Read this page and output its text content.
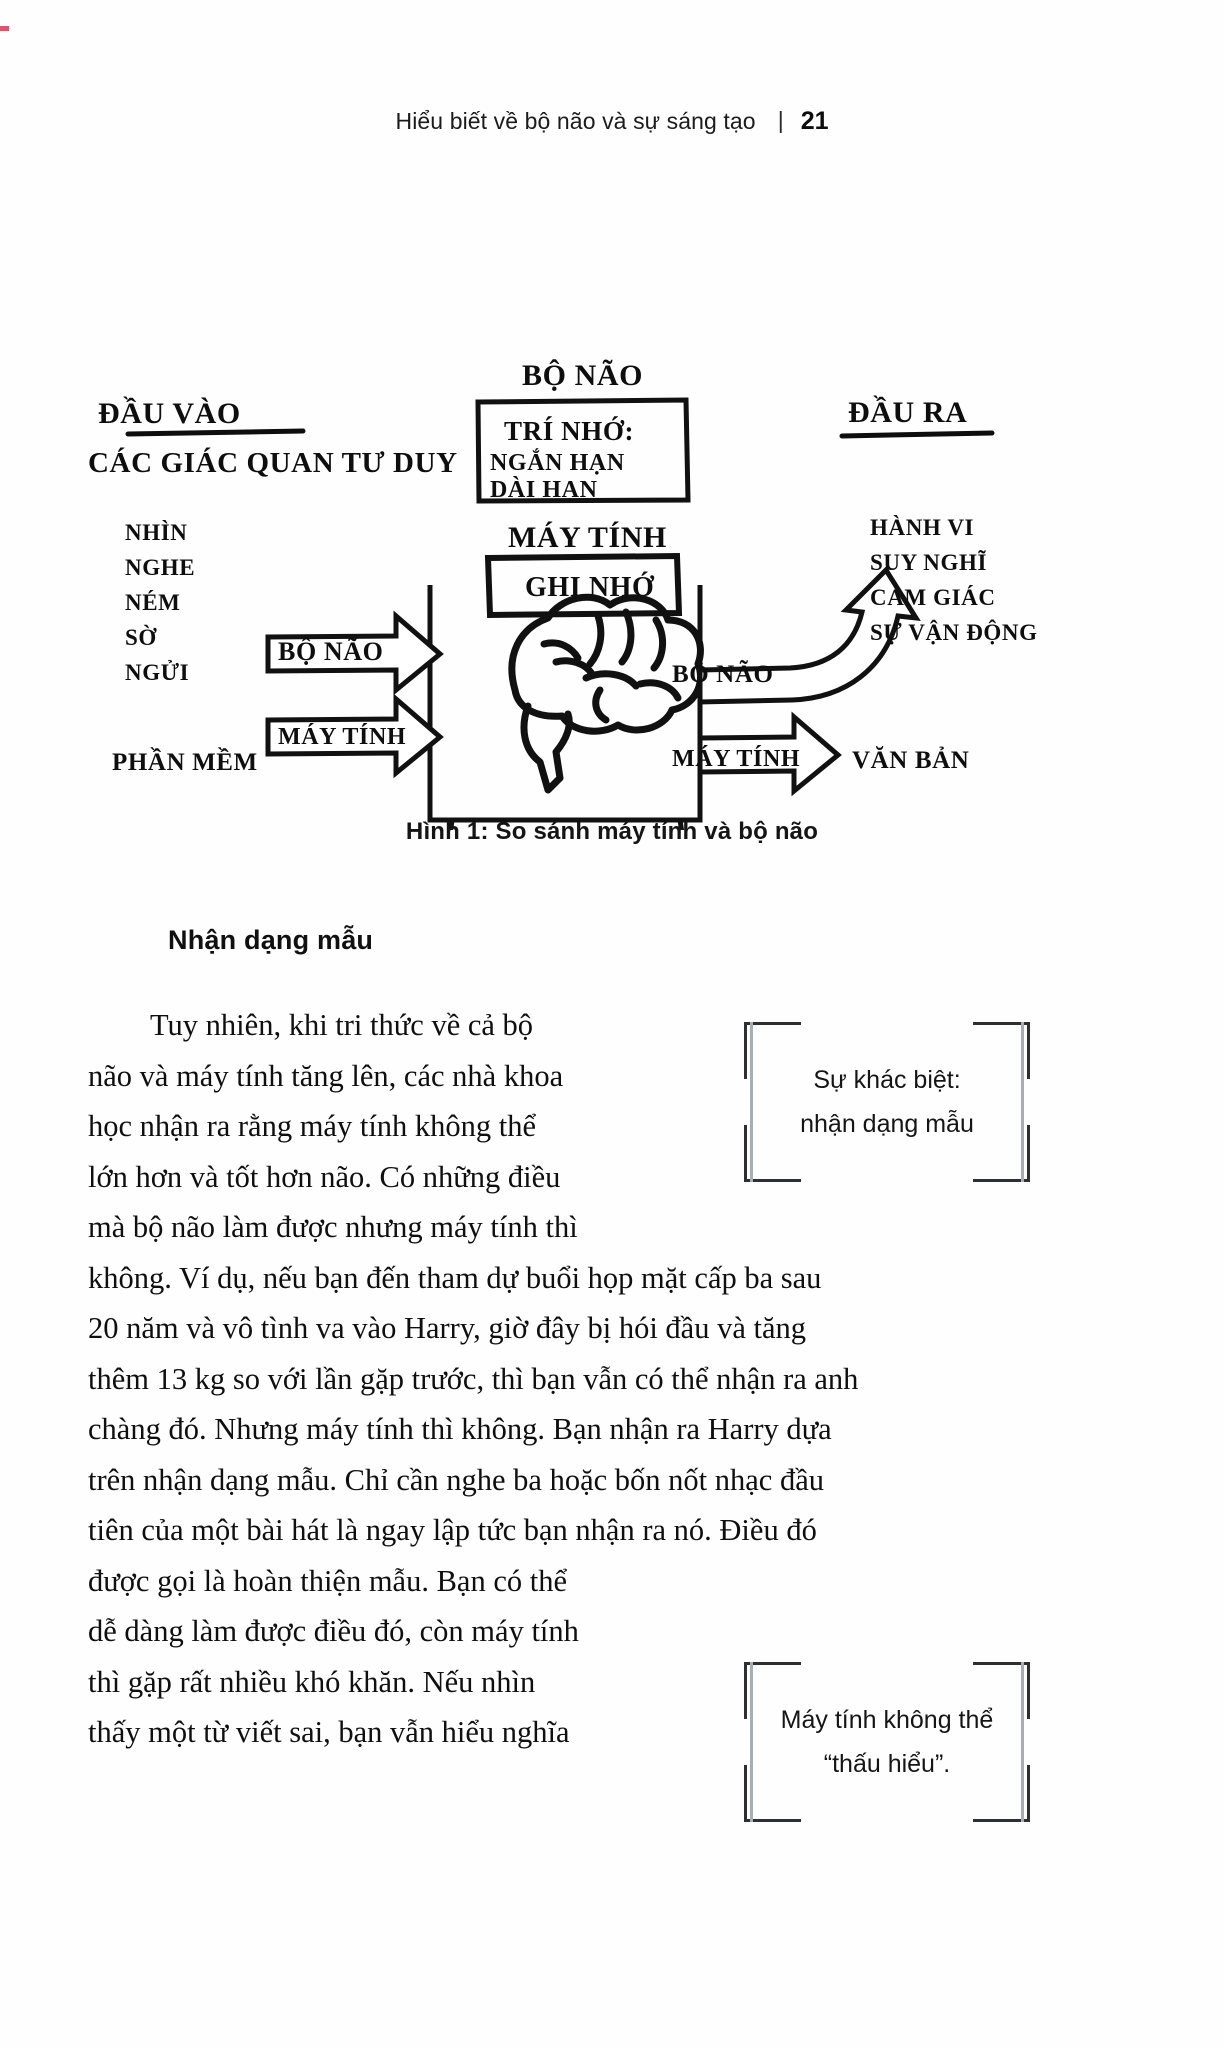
Hiểu biết về bộ não và sự sáng tạo | 21
ĐẦU VÀO
CÁC GIÁC QUAN TƯ DUY
NHÌN
NGHE
NÉM
SỜ
NGỬI
PHẦN MỀM
BỘ NÃO
TRÍ NHỚ:
NGẮN HẠN
DÀI HẠN
MÁY TÍNH
GHI NHỚ
BỘ NÃO
MÁY TÍNH
BỘ NÃO
MÁY TÍNH
ĐẦU RA
HÀNH VI
SUY NGHĨ
CẢM GIÁC
SỰ VẬN ĐỘNG
VĂN BẢN
Hình 1: So sánh máy tính và bộ não
Nhận dạng mẫu

Tuy nhiên, khi tri thức về cả bộ
não và máy tính tăng lên, các nhà khoa
học nhận ra rằng máy tính không thể
lớn hơn và tốt hơn não. Có những điều
mà bộ não làm được nhưng máy tính thì
không. Ví dụ, nếu bạn đến tham dự buổi họp mặt cấp ba sau
20 năm và vô tình va vào Harry, giờ đây bị hói đầu và tăng
thêm 13 kg so với lần gặp trước, thì bạn vẫn có thể nhận ra anh
chàng đó. Nhưng máy tính thì không. Bạn nhận ra Harry dựa
trên nhận dạng mẫu. Chỉ cần nghe ba hoặc bốn nốt nhạc đầu
tiên của một bài hát là ngay lập tức bạn nhận ra nó. Điều đó
được gọi là hoàn thiện mẫu. Bạn có thể
dễ dàng làm được điều đó, còn máy tính
thì gặp rất nhiều khó khăn. Nếu nhìn
thấy một từ viết sai, bạn vẫn hiểu nghĩa

Sự khác biệt:
nhận dạng mẫu
Máy tính không thể
“thấu hiểu”.
